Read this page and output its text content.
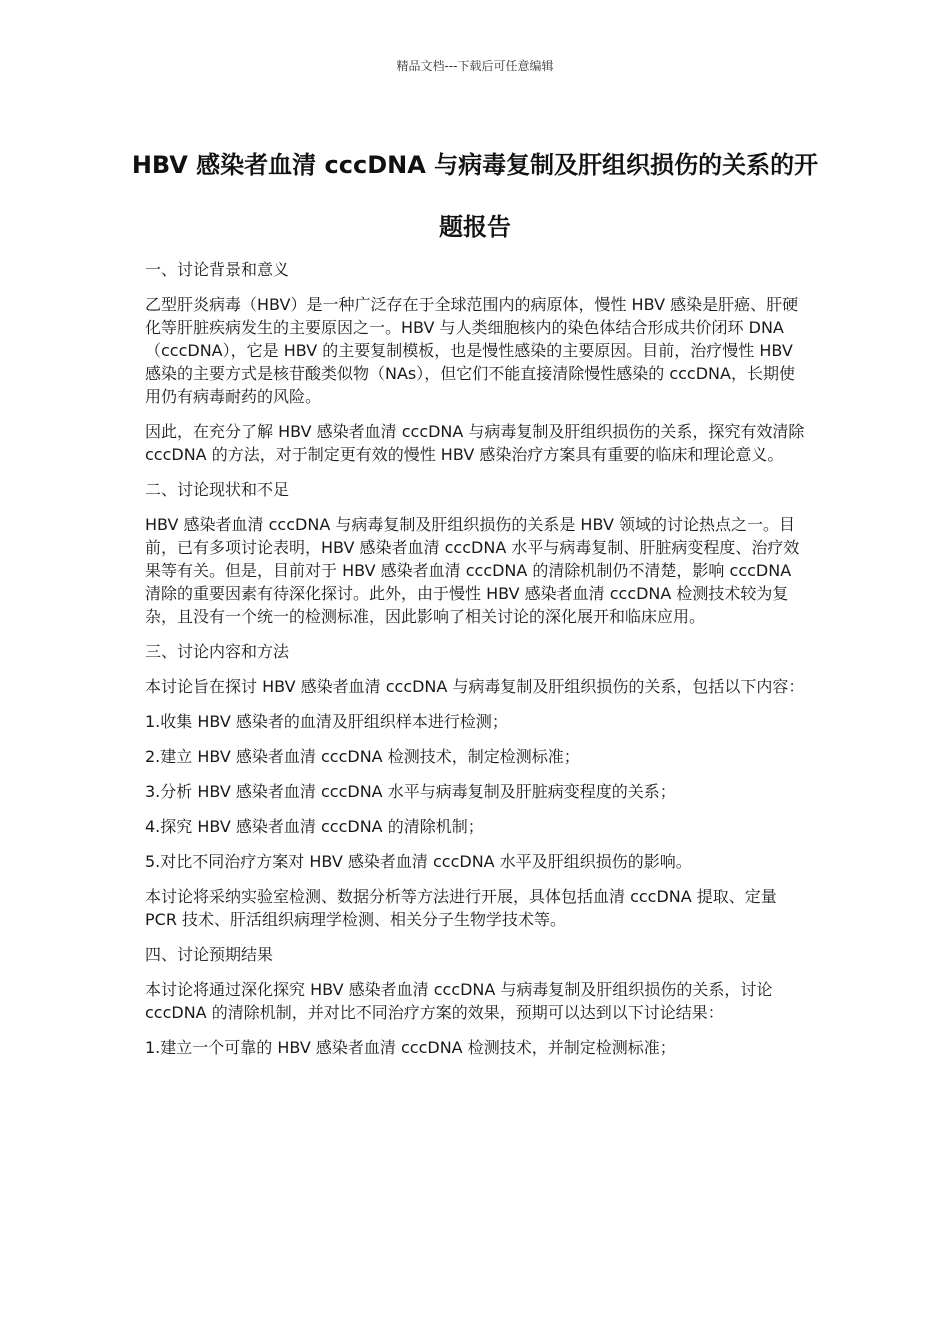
精品文档---下载后可任意编辑
HBV 感染者血清 cccDNA 与病毒复制及肝组织损伤的关系的开题报告

一、讨论背景和意义

乙型肝炎病毒（HBV）是一种广泛存在于全球范围内的病原体，慢性 HBV 感染是肝癌、肝硬化等肝脏疾病发生的主要原因之一。HBV 与人类细胞核内的染色体结合形成共价闭环 DNA（cccDNA），它是 HBV 的主要复制模板，也是慢性感染的主要原因。目前，治疗慢性 HBV 感染的主要方式是核苷酸类似物（NAs），但它们不能直接清除慢性感染的 cccDNA，长期使用仍有病毒耐药的风险。

因此，在充分了解 HBV 感染者血清 cccDNA 与病毒复制及肝组织损伤的关系，探究有效清除 cccDNA 的方法，对于制定更有效的慢性 HBV 感染治疗方案具有重要的临床和理论意义。

二、讨论现状和不足

HBV 感染者血清 cccDNA 与病毒复制及肝组织损伤的关系是 HBV 领域的讨论热点之一。目前，已有多项讨论表明，HBV 感染者血清 cccDNA 水平与病毒复制、肝脏病变程度、治疗效果等有关。但是，目前对于 HBV 感染者血清 cccDNA 的清除机制仍不清楚，影响 cccDNA 清除的重要因素有待深化探讨。此外，由于慢性 HBV 感染者血清 cccDNA 检测技术较为复杂，且没有一个统一的检测标准，因此影响了相关讨论的深化展开和临床应用。

三、讨论内容和方法

本讨论旨在探讨 HBV 感染者血清 cccDNA 与病毒复制及肝组织损伤的关系，包括以下内容：

1.收集 HBV 感染者的血清及肝组织样本进行检测；

2.建立 HBV 感染者血清 cccDNA 检测技术，制定检测标准；

3.分析 HBV 感染者血清 cccDNA 水平与病毒复制及肝脏病变程度的关系；

4.探究 HBV 感染者血清 cccDNA 的清除机制；

5.对比不同治疗方案对 HBV 感染者血清 cccDNA 水平及肝组织损伤的影响。

本讨论将采纳实验室检测、数据分析等方法进行开展，具体包括血清 cccDNA 提取、定量 PCR 技术、肝活组织病理学检测、相关分子生物学技术等。

四、讨论预期结果

本讨论将通过深化探究 HBV 感染者血清 cccDNA 与病毒复制及肝组织损伤的关系，讨论 cccDNA 的清除机制，并对比不同治疗方案的效果，预期可以达到以下讨论结果：

1.建立一个可靠的 HBV 感染者血清 cccDNA 检测技术，并制定检测标准；
